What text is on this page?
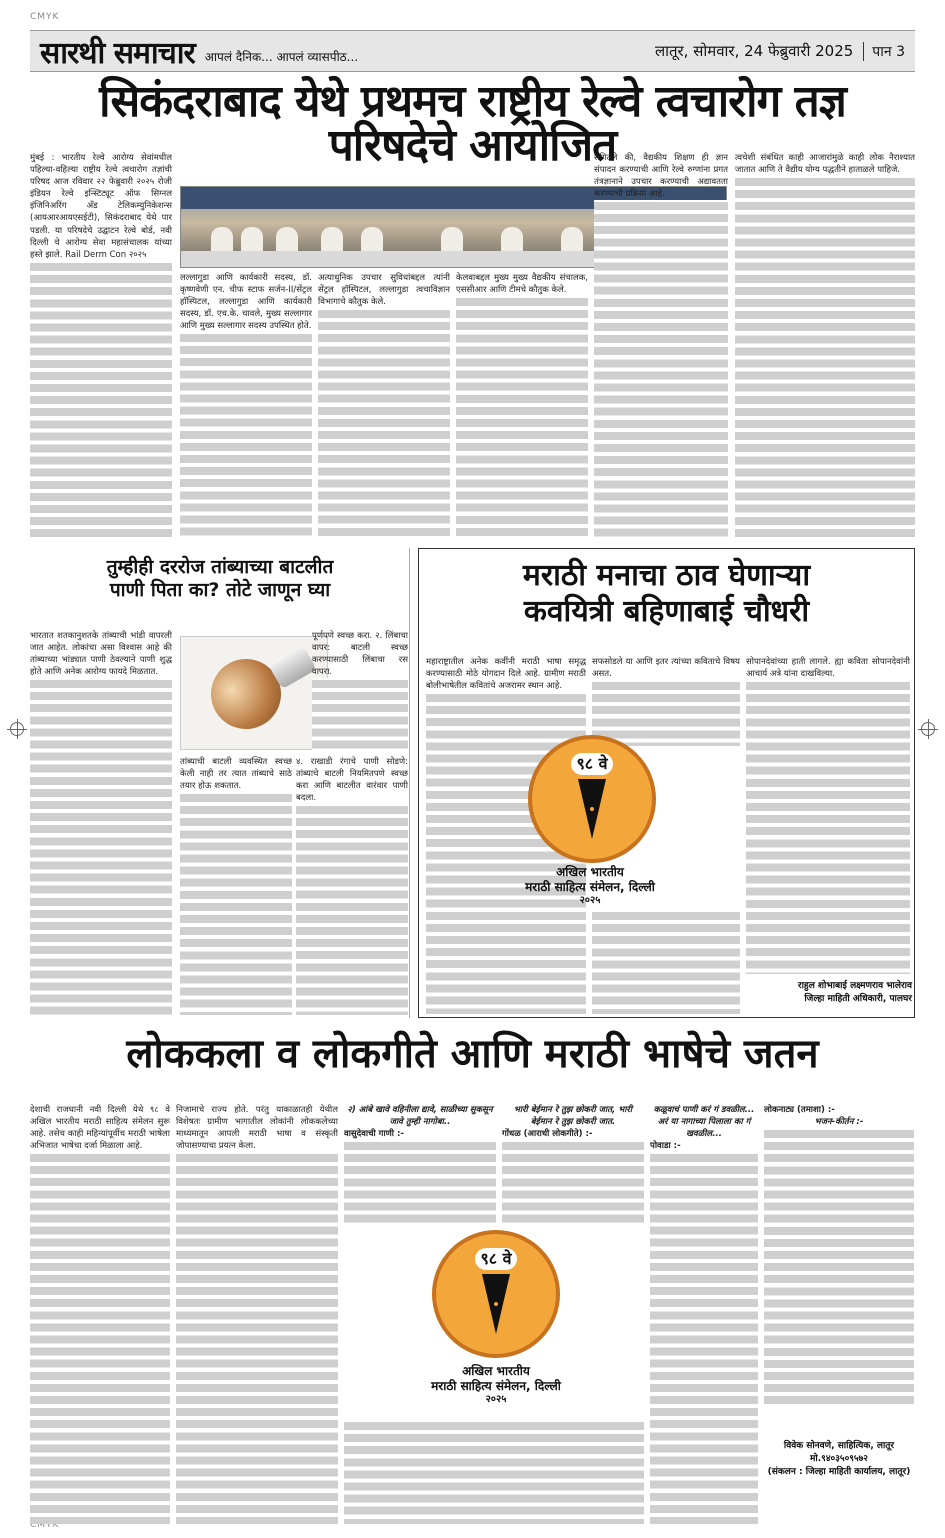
CMYK
CMYK
सारथी समाचार आपलं दैनिक... आपलं व्यासपीठ...	लातूर, सोमवार, 24 फेब्रुवारी 2025	पान 3
सिकंदराबाद येथे प्रथमच राष्ट्रीय रेल्वे त्वचारोग तज्ञ परिषदेचे आयोजित
मुंबई : भारतीय रेल्वे आरोग्य सेवांमधील पहिल्या-वहिल्या राष्ट्रीय रेल्वे त्वचारोग तज्ञांची परिषद आज रविवार २२ फेब्रुवारी २०२५ रोजी इंडियन रेल्वे इन्स्टिट्यूट ऑफ सिग्नल इंजिनिअरिंग अँड टेलिकम्युनिकेशन्स (आयआरआयएसईटी), सिकंदराबाद येथे पार पडली. या परिषदेचे उद्घाटन रेल्वे बोर्ड, नवी दिल्ली चे आरोग्य सेवा महासंचालक यांच्या हस्ते झाले. Rail Derm Con २०२५
लल्लागुडा आणि कार्यकारी सदस्य, डॉ. कृष्णवेणी एन. चीफ स्टाफ सर्जन-II/सेंट्रल हॉस्पिटल, लल्लागुडा आणि कार्यकारी सदस्य, डॉ. एच.के. चावले, मुख्य सल्लागार आणि मुख्य सल्लागार सदस्य उपस्थित होते.
अत्याधुनिक उपचार सुविधांबद्दल त्यांनी सेंट्रल हॉस्पिटल, लल्लागुडा त्वचाविज्ञान विभागाचे कौतुक केले.
केलवाबद्दल मुख्य मुख्य वैद्यकीय संचालक, एससीआर आणि टीमचे कौतुक केले.
संगितले की, वैद्यकीय शिक्षण ही ज्ञान संपादन करण्याची आणि रेल्वे रुग्णांना प्रगत तंत्रज्ञानाने उपचार करण्याची अद्यावतता करण्याची प्रक्रिया आहे.
त्वचेशी संबंधित काही आजारांमुळे काही लोक नैराश्यात जातात आणि ते वैद्यीय योग्य पद्धतीने हाताळले पाहिजे.
तुम्हीही दररोज तांब्याच्या बाटलीत
पाणी पिता का? तोटे जाणून घ्या
भारतात शतकानुशतके तांब्याची भांडी वापरली जात आहेत. लोकांचा असा विश्वास आहे की तांब्याच्या भांड्यात पाणी ठेवल्याने पाणी शुद्ध होते आणि अनेक आरोग्य फायदे मिळतात.
पूर्णपणे स्वच्छ करा. २. लिंबाचा वापर: बाटली स्वच्छ करण्यासाठी लिंबाचा रस वापरा.
तांब्याची बाटली व्यवस्थित स्वच्छ केली नाही तर त्यात तांब्याचे साठे तयार होऊ शकतात.
४. राखाडी रंगाचे पाणी सोडणे: तांब्याचे बाटली नियमितपणे स्वच्छ करा आणि बाटलीत वारंवार पाणी बदला.
मराठी मनाचा ठाव घेणाऱ्या
कवयित्री बहिणाबाई चौधरी
महाराष्ट्रातील अनेक कवींनी मराठी भाषा समृद्ध करण्यासाठी मोठे योगदान दिले आहे. ग्रामीण मराठी बोलीभाषेतील कवितांचे अजरामर स्थान आहे.
सफसोडले या आणि इतर त्यांच्या कविताचे विषय असत.
९८ वे
अखिल भारतीय
मराठी साहित्य संमेलन, दिल्ली
२०२५
सोपानदेवांच्या हाती लागले. ह्या कविता सोपानदेवांनी आचार्य अत्रे यांना दाखविल्या.
राहुल शोभाबाई लक्ष्मणराव भालेराव
जिल्हा माहिती अधिकारी, पालघर
लोककला व लोकगीते आणि मराठी भाषेचे जतन
देशाची राजधानी नवी दिल्ली येथे ९८ वे अखिल भारतीय मराठी साहित्य संमेलन सुरू आहे. तसेच काही महिन्यांपूर्वीच मराठी भाषेला अभिजात भाषेचा दर्जा मिळाला आहे.
निजामाचे राज्य होते. परंतु याकाळातही येथील विशेषतः ग्रामीण भागातील लोकांनी लोककलेच्या माध्यमातून आपली मराठी भाषा व संस्कृती जोपासण्याचा प्रयत्न केला.
२) आंबे खावे वहिनीला द्यावे, साळीच्या सुकसून जावे तुम्ही नागोबा..
वासुदेवाची गाणी :-
भारी बेईमान रे तुझ छोकरी जात, भारी बेईमान रे तुझ छोकरी जात.
गोंधळ (आराधी लोकगीते) :-
९८ वे
अखिल भारतीय
मराठी साहित्य संमेलन, दिल्ली
२०२५
कळूवाचं पाणी करं गं डवळील... अरं या नागाच्या पिलाला का गं खवळील...
पोवाडा :-
लोकनाट्य (तमाशा) :-
भजन-कीर्तन :-
विवेक सोनवणे, साहित्यिक, लातूर
मो.९४०३५०९५७२
(संकलन : जिल्हा माहिती कार्यालय, लातूर)
